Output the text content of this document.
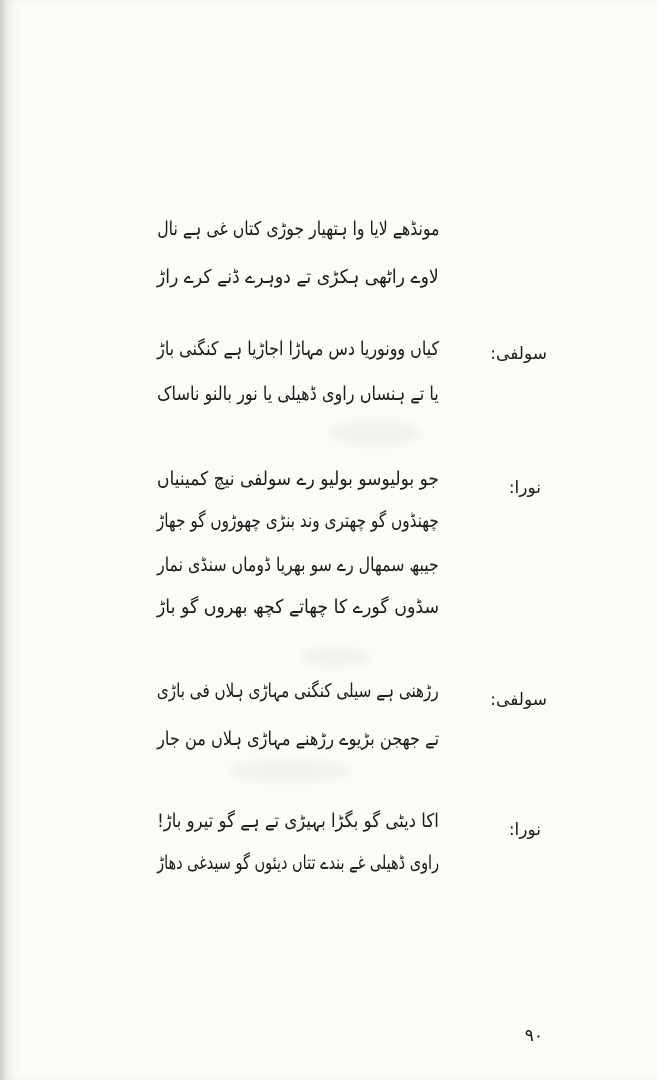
مونڈھے لایا وا ہتھیار جوڑی کتاں غی ہے نال
لاوے راٹھی ہکڑی تے دوہرے ڈنے کرے راڑ
سولفی:
کیاں وونوریا دس مہاڑا اجاڑیا ہے کنگنی باڑ
یا تے ہنساں راوی ڈھیلی یا نور بالنو ناساک
نورا:
جو بولیوسو بولیو رے سولفی نیچ کمینیاں
چھنڈوں گو چھتری وند بنڑی چھوڑوں گو جھاڑ
جیبھ سمھال رے سو بھریا ڈوماں سنڈی نمار
سڈوں گورے کا چھاتے کچھ بھروں گو باڑ
سولفی:
رڑھنی ہے سیلی کنگنی مہاڑی ہلاں فی باڑی
تے جھجن بڑیوے رڑھنے مہاڑی ہلاں من جار
نورا:
اکا دیٹی گو بگڑا بہیڑی تے ہے گو تیرو باڑ!
راوی ڈھیلی غے بندے تتاں دیئوں گو سیدغی دھاڑ
۹۰
